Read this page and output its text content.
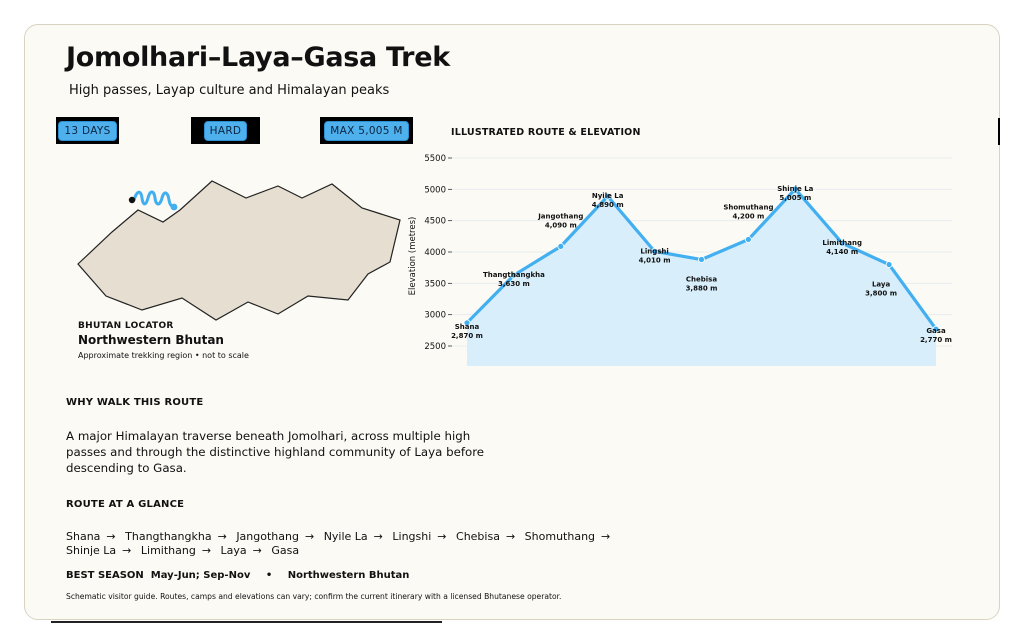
Jomolhari–Laya–Gasa Trek
High passes, Layap culture and Himalayan peaks
13 DAYS	HARD	MAX 5,005 M
BHUTAN LOCATOR
Northwestern Bhutan
Approximate trekking region • not to scale
ILLUSTRATED ROUTE & ELEVATION
2500
3000
3500
4000
4500
5000
5500
Elevation (metres)
Shana
2,870 m
Thangthangkha
3,630 m
Jangothang
4,090 m
Nyile La
4,890 m
Lingshi
4,010 m
Chebisa
3,880 m
Shomuthang
4,200 m
Shinje La
5,005 m
Limithang
4,140 m
Laya
3,800 m
Gasa
2,770 m
WHY WALK THIS ROUTE
A major Himalayan traverse beneath Jomolhari, across multiple high passes and through the distinctive highland community of Laya before descending to Gasa.
ROUTE AT A GLANCE
Shana → Thangthangkha → Jangothang → Nyile La → Lingshi → Chebisa → Shomuthang → Shinje La → Limithang → Laya → Gasa
BEST SEASON May-Jun; Sep-Nov • Northwestern Bhutan
Schematic visitor guide. Routes, camps and elevations can vary; confirm the current itinerary with a licensed Bhutanese operator.
